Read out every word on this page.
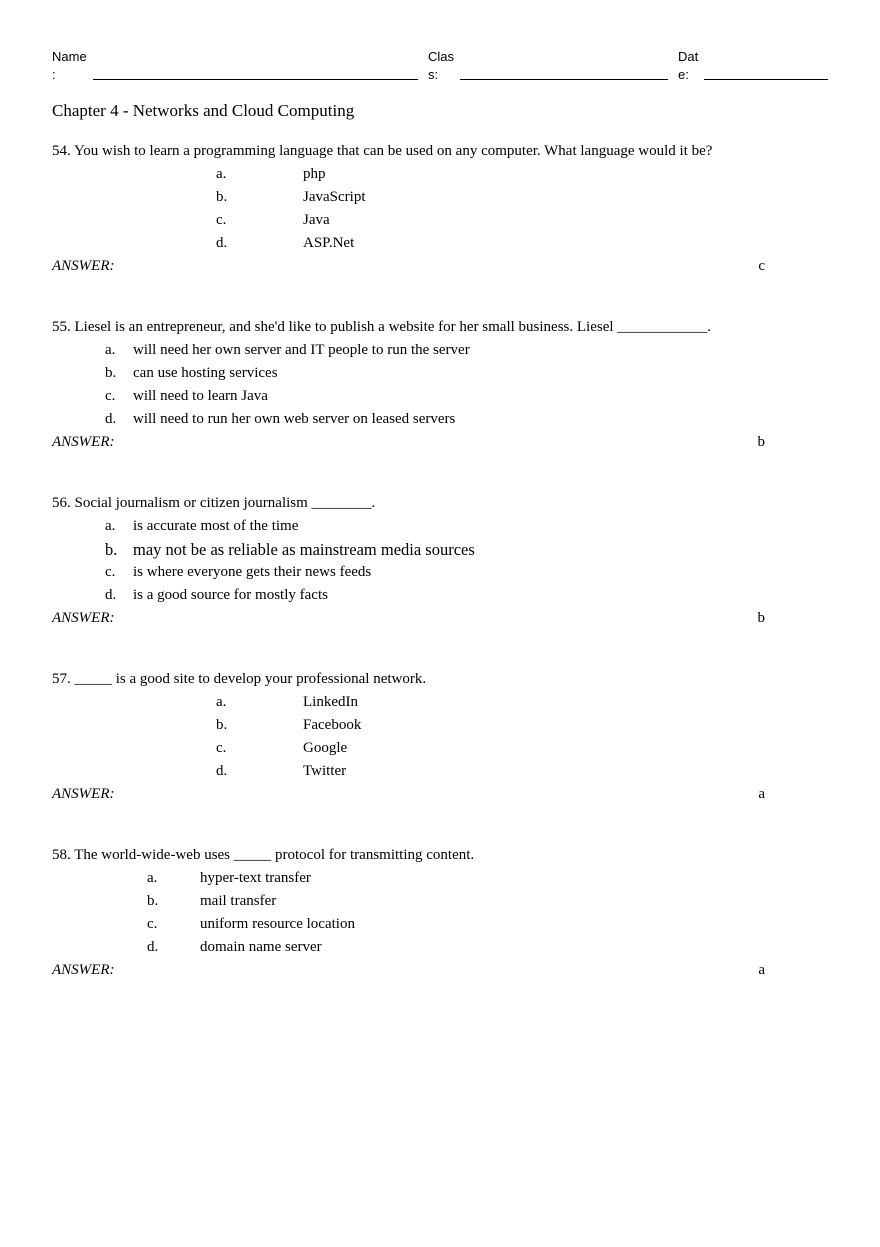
Name
:
Clas
s:
Dat
e:
Chapter 4 - Networks and Cloud Computing

54. You wish to learn a programming language that can be used on any computer. What language would it be?

a.	php
b.	JavaScript
c.	Java
d.	ASP.Net
ANSWER:	c

55. Liesel is an entrepreneur, and she'd like to publish a website for her small business. Liesel ____________.

a.	will need her own server and IT people to run the server
b.	can use hosting services
c.	will need to learn Java
d.	will need to run her own web server on leased servers
ANSWER:	b

56. Social journalism or citizen journalism ________.

a.	is accurate most of the time
b. may not be as reliable as mainstream media sources
c.	is where everyone gets their news feeds
d.	is a good source for mostly facts
ANSWER:	b

57. _____ is a good site to develop your professional network.

a.	LinkedIn
b.	Facebook
c.	Google
d.	Twitter
ANSWER:	a

58. The world-wide-web uses _____ protocol for transmitting content.

a.	hyper-text transfer
b.	mail transfer
c.	uniform resource location
d.	domain name server
ANSWER:	a
